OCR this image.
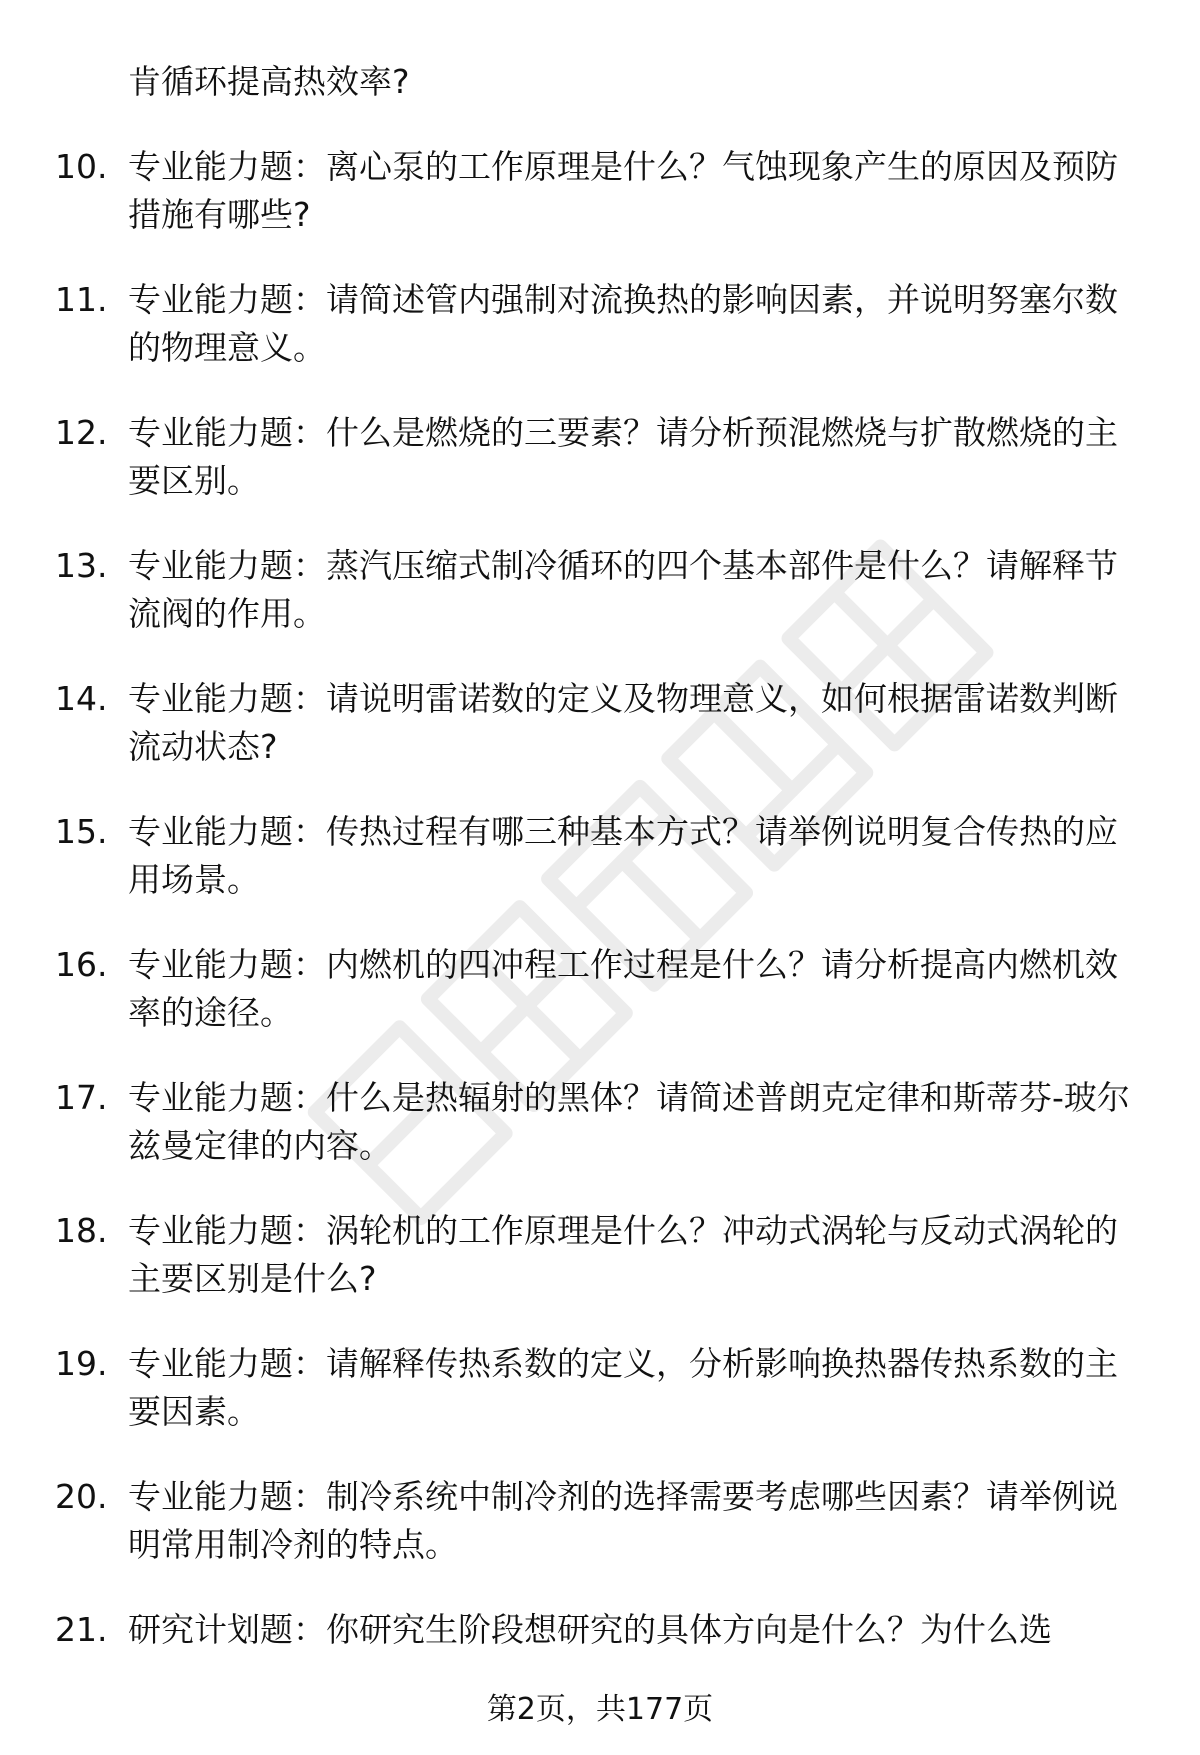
肯循环提高热效率?

10. 专业能力题：离心泵的工作原理是什么？气蚀现象产生的原因及预防措施有哪些?
11. 专业能力题：请简述管内强制对流换热的影响因素，并说明努塞尔数的物理意义。
12. 专业能力题：什么是燃烧的三要素？请分析预混燃烧与扩散燃烧的主要区别。
13. 专业能力题：蒸汽压缩式制冷循环的四个基本部件是什么？请解释节流阀的作用。
14. 专业能力题：请说明雷诺数的定义及物理意义，如何根据雷诺数判断流动状态?
15. 专业能力题：传热过程有哪三种基本方式？请举例说明复合传热的应用场景。
16. 专业能力题：内燃机的四冲程工作过程是什么？请分析提高内燃机效率的途径。
17. 专业能力题：什么是热辐射的黑体？请简述普朗克定律和斯蒂芬-玻尔兹曼定律的内容。
18. 专业能力题：涡轮机的工作原理是什么？冲动式涡轮与反动式涡轮的主要区别是什么?
19. 专业能力题：请解释传热系数的定义，分析影响换热器传热系数的主要因素。
20. 专业能力题：制冷系统中制冷剂的选择需要考虑哪些因素？请举例说明常用制冷剂的特点。
21. 研究计划题：你研究生阶段想研究的具体方向是什么？为什么选
第2页，共177页
